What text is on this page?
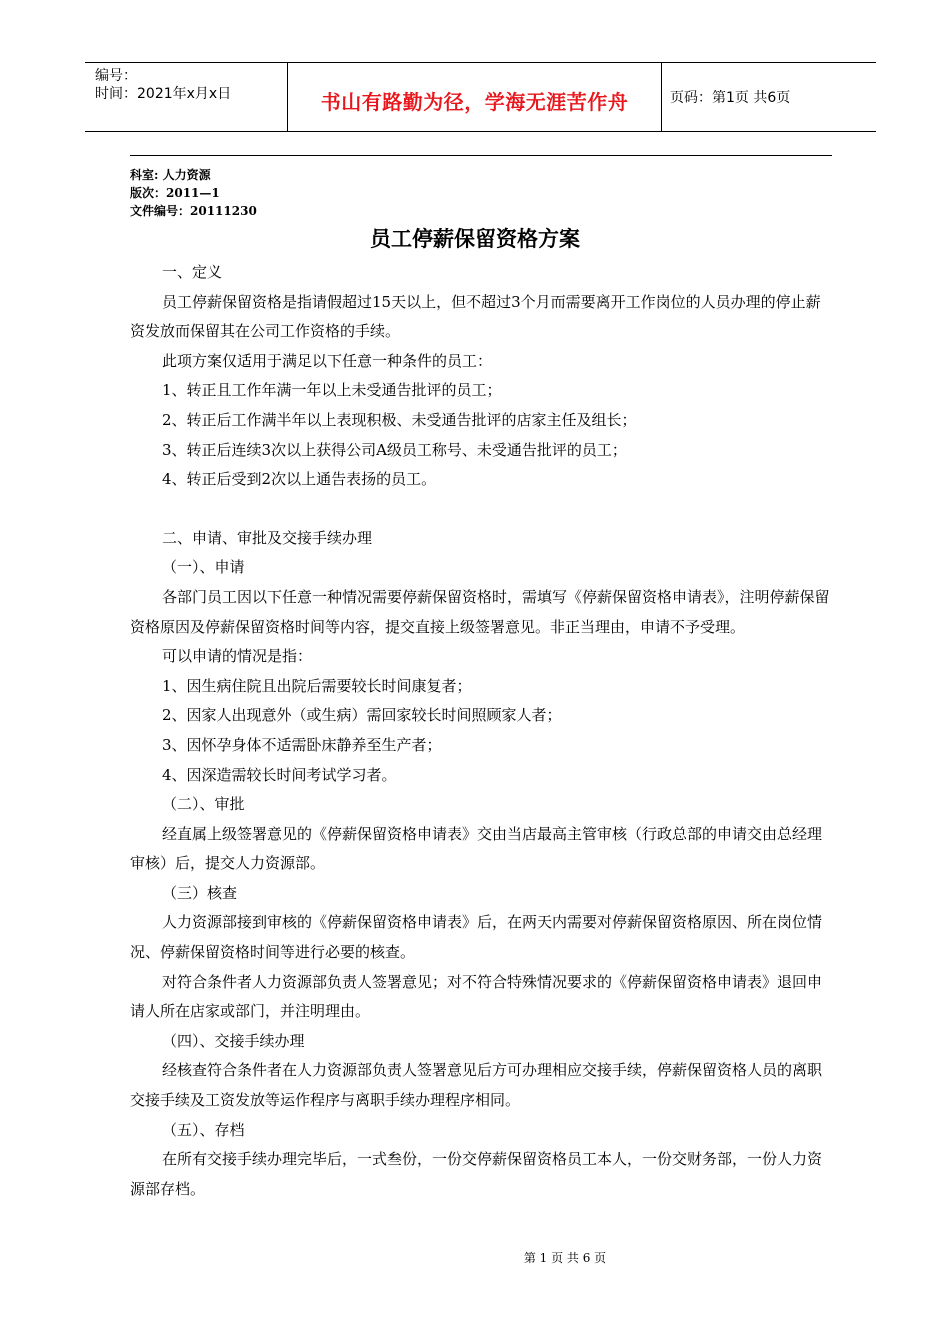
编号：
时间：2021年x月x日	书山有路勤为径，学海无涯苦作舟	页码：第1页 共6页
科室: 人力资源
版次：2011—1
文件编号：20111230
员工停薪保留资格方案

一、定义

员工停薪保留资格是指请假超过15天以上，但不超过3个月而需要离开工作岗位的人员办理的停止薪资发放而保留其在公司工作资格的手续。

此项方案仅适用于满足以下任意一种条件的员工：

1、转正且工作年满一年以上未受通告批评的员工；

2、转正后工作满半年以上表现积极、未受通告批评的店家主任及组长；

3、转正后连续3次以上获得公司A级员工称号、未受通告批评的员工；

4、转正后受到2次以上通告表扬的员工。

二、申请、审批及交接手续办理

（一）、申请

各部门员工因以下任意一种情况需要停薪保留资格时，需填写《停薪保留资格申请表》，注明停薪保留资格原因及停薪保留资格时间等内容，提交直接上级签署意见。非正当理由，申请不予受理。

可以申请的情况是指：

1、因生病住院且出院后需要较长时间康复者；

2、因家人出现意外（或生病）需回家较长时间照顾家人者；

3、因怀孕身体不适需卧床静养至生产者；

4、因深造需较长时间考试学习者。

（二）、审批

经直属上级签署意见的《停薪保留资格申请表》交由当店最高主管审核（行政总部的申请交由总经理审核）后，提交人力资源部。

（三）核查

人力资源部接到审核的《停薪保留资格申请表》后，在两天内需要对停薪保留资格原因、所在岗位情况、停薪保留资格时间等进行必要的核查。

对符合条件者人力资源部负责人签署意见；对不符合特殊情况要求的《停薪保留资格申请表》退回申请人所在店家或部门，并注明理由。

（四）、交接手续办理

经核查符合条件者在人力资源部负责人签署意见后方可办理相应交接手续，停薪保留资格人员的离职交接手续及工资发放等运作程序与离职手续办理程序相同。

（五）、存档

在所有交接手续办理完毕后，一式叁份，一份交停薪保留资格员工本人，一份交财务部，一份人力资源部存档。

第 1 页 共 6 页
